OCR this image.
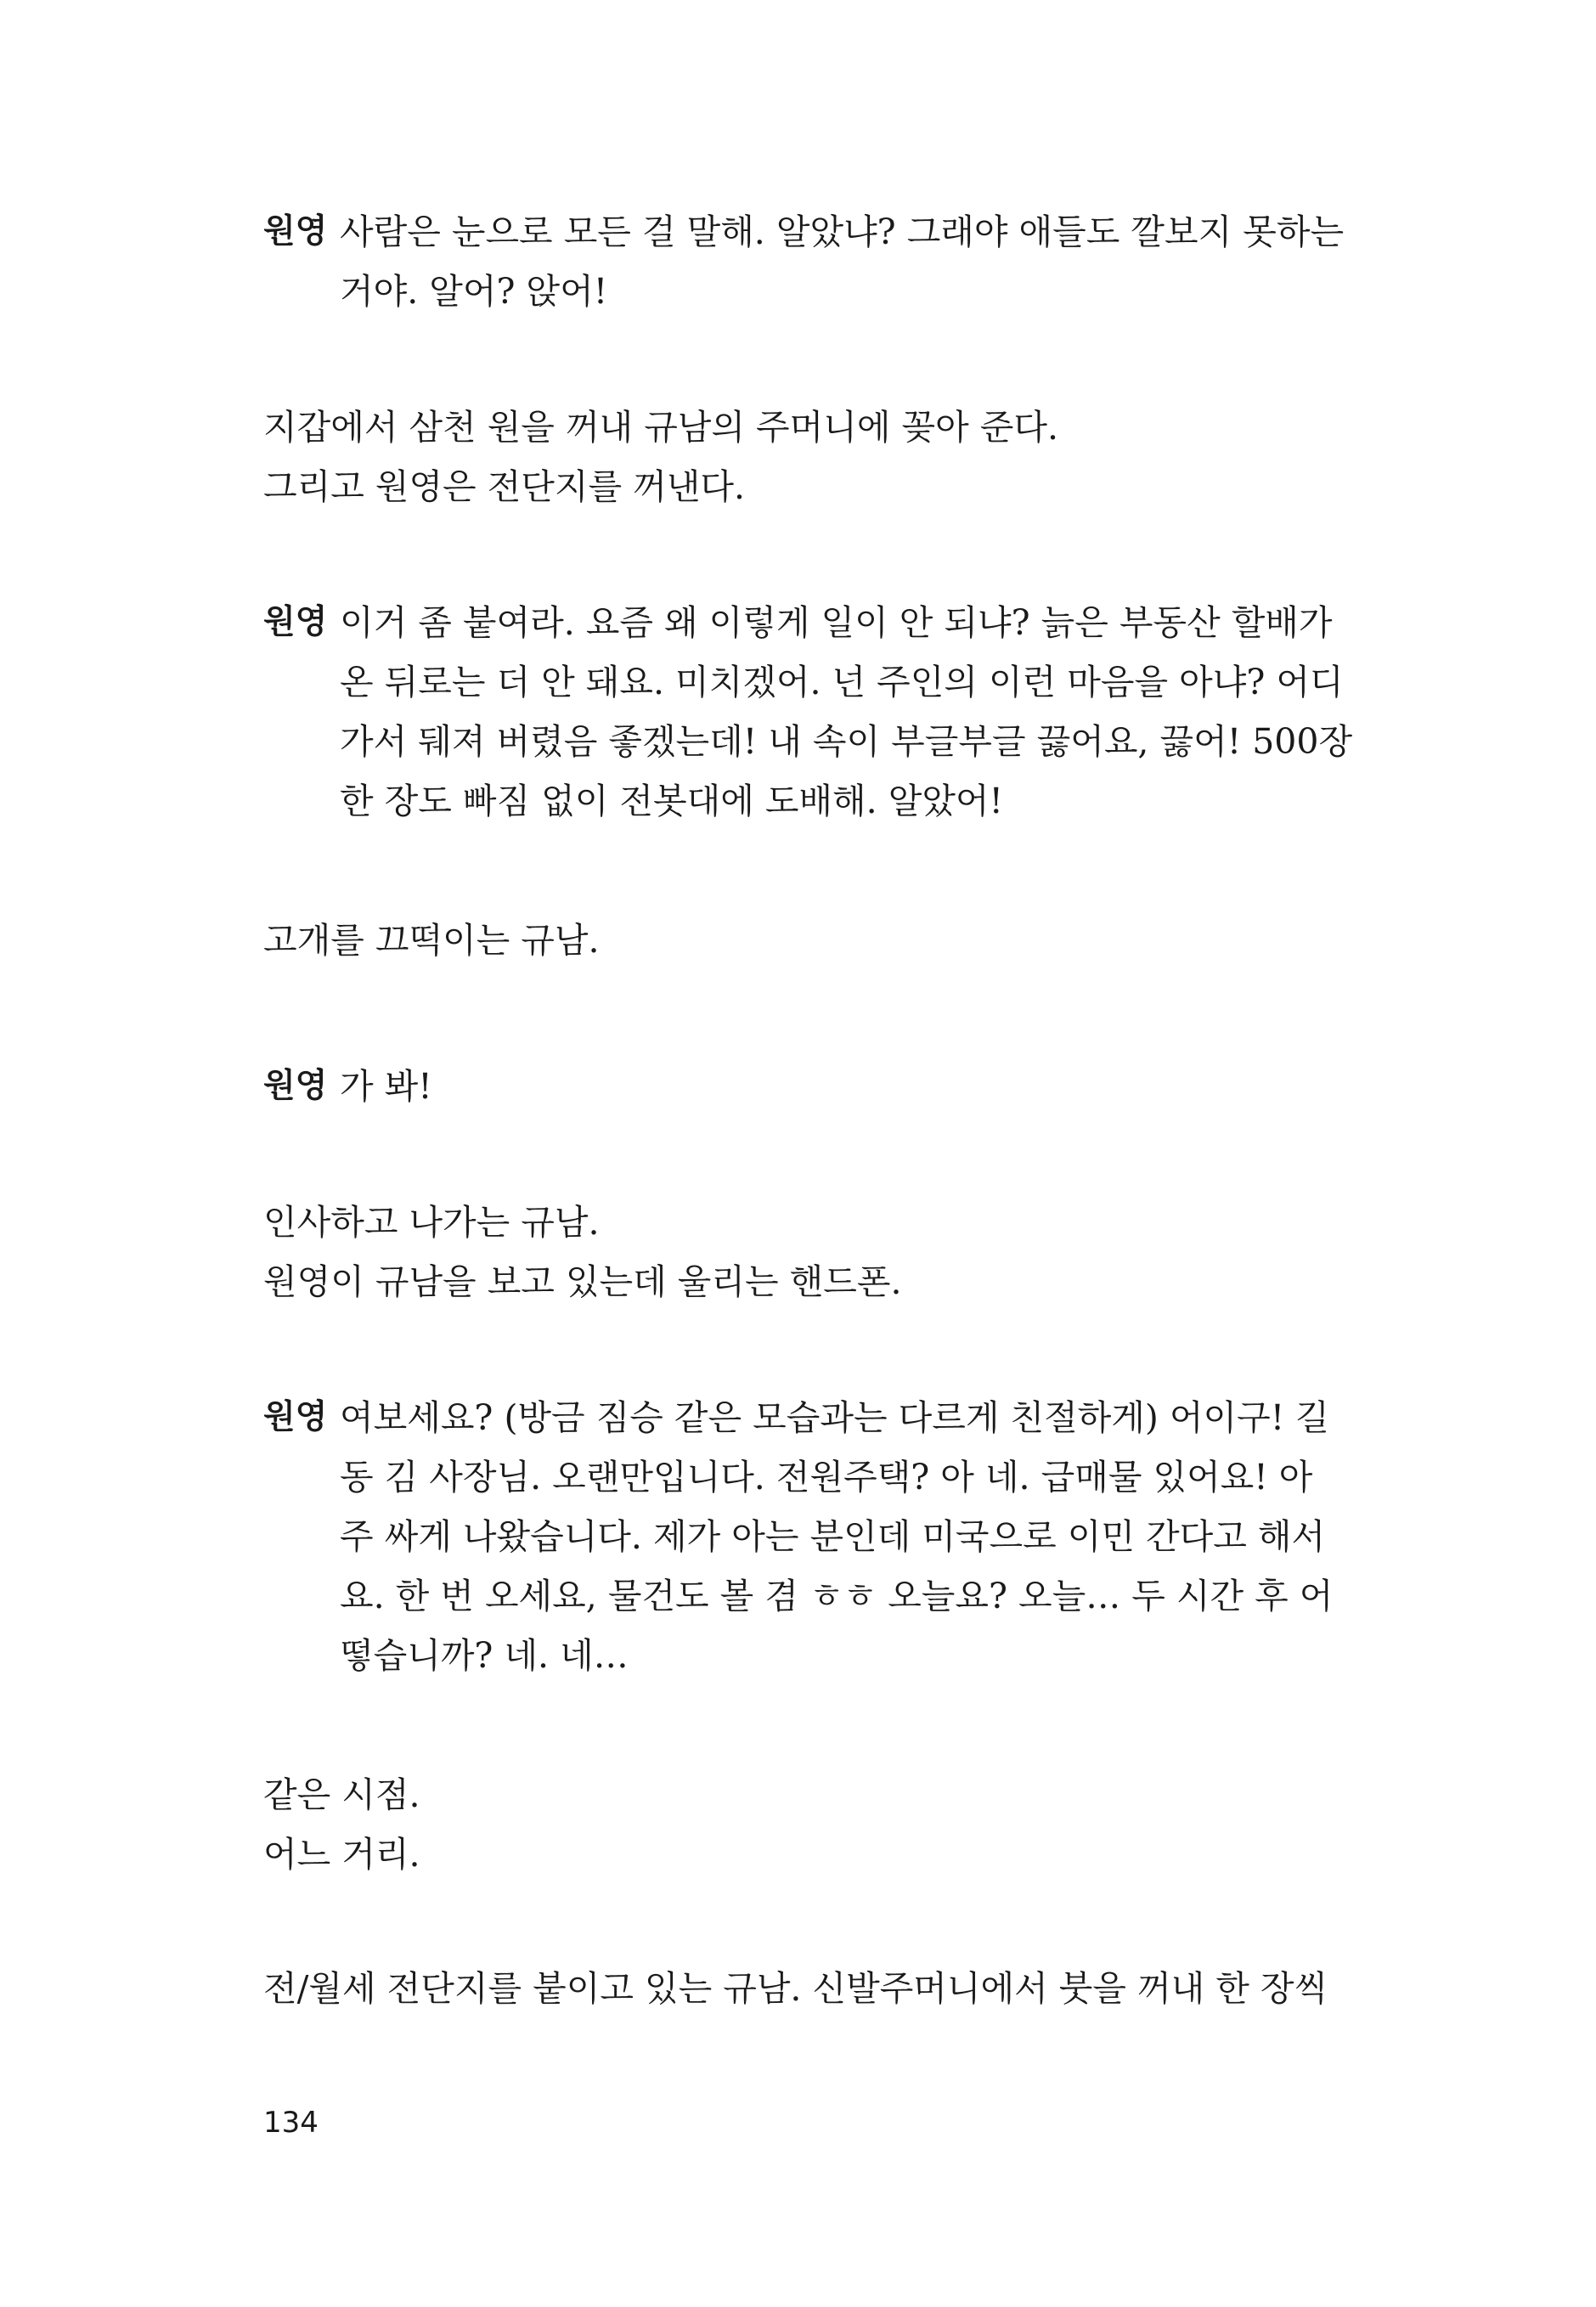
원영 사람은 눈으로 모든 걸 말해. 알았냐? 그래야 애들도 깔보지 못하는
거야. 알어? 앉어!
지갑에서 삼천 원을 꺼내 규남의 주머니에 꽂아 준다.
그리고 원영은 전단지를 꺼낸다.
원영 이거 좀 붙여라. 요즘 왜 이렇게 일이 안 되냐? 늙은 부동산 할배가
온 뒤로는 더 안 돼요. 미치겠어. 넌 주인의 이런 마음을 아냐? 어디
가서 뒈져 버렸음 좋겠는데! 내 속이 부글부글 끓어요, 끓어! 500장
한 장도 빠짐 없이 전봇대에 도배해. 알았어!
고개를 끄떡이는 규남.
원영 가 봐!
인사하고 나가는 규남.
원영이 규남을 보고 있는데 울리는 핸드폰.
원영 여보세요? (방금 짐승 같은 모습과는 다르게 친절하게) 어이구! 길
동 김 사장님. 오랜만입니다. 전원주택? 아 네. 급매물 있어요! 아
주 싸게 나왔습니다. 제가 아는 분인데 미국으로 이민 간다고 해서
요. 한 번 오세요, 물건도 볼 겸 ㅎㅎ 오늘요? 오늘… 두 시간 후 어
떻습니까? 네. 네…
같은 시점.
어느 거리.
전/월세 전단지를 붙이고 있는 규남. 신발주머니에서 붓을 꺼내 한 장씩
134
